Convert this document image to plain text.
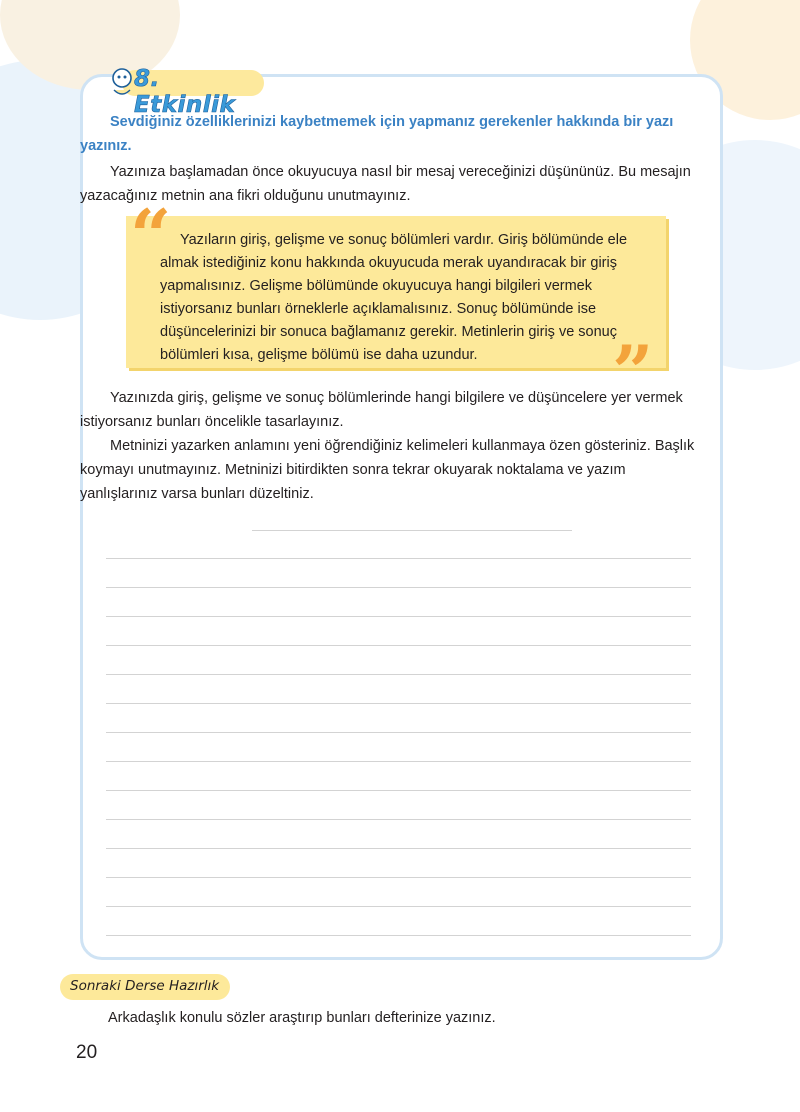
8. Etkinlik
Sevdiğiniz özelliklerinizi kaybetmemek için yapmanız gerekenler hakkında bir yazı yazınız.
Yazınıza başlamadan önce okuyucuya nasıl bir mesaj vereceğinizi düşününüz. Bu mesajın yazacağınız metnin ana fikri olduğunu unutmayınız.
“ Yazıların giriş, gelişme ve sonuç bölümleri vardır. Giriş bölümünde ele almak istediğiniz konu hakkında okuyucuda merak uyandıracak bir giriş yapmalısınız. Gelişme bölümünde okuyucuya hangi bilgileri vermek istiyorsanız bunları örneklerle açıklamalısınız. Sonuç bölümünde ise düşüncelerinizi bir sonuca bağlamanız gerekir. Metinlerin giriş ve sonuç bölümleri kısa, gelişme bölümü ise daha uzundur.	”
Yazınızda giriş, gelişme ve sonuç bölümlerinde hangi bilgilere ve düşüncelere yer vermek istiyorsanız bunları öncelikle tasarlayınız.
Metninizi yazarken anlamını yeni öğrendiğiniz kelimeleri kullanmaya özen gösteriniz. Başlık koymayı unutmayınız. Metninizi bitirdikten sonra tekrar okuyarak noktalama ve yazım yanlışlarınız varsa bunları düzeltiniz.
Sonraki Derse Hazırlık
Arkadaşlık konulu sözler araştırıp bunları defterinize yazınız.
20
